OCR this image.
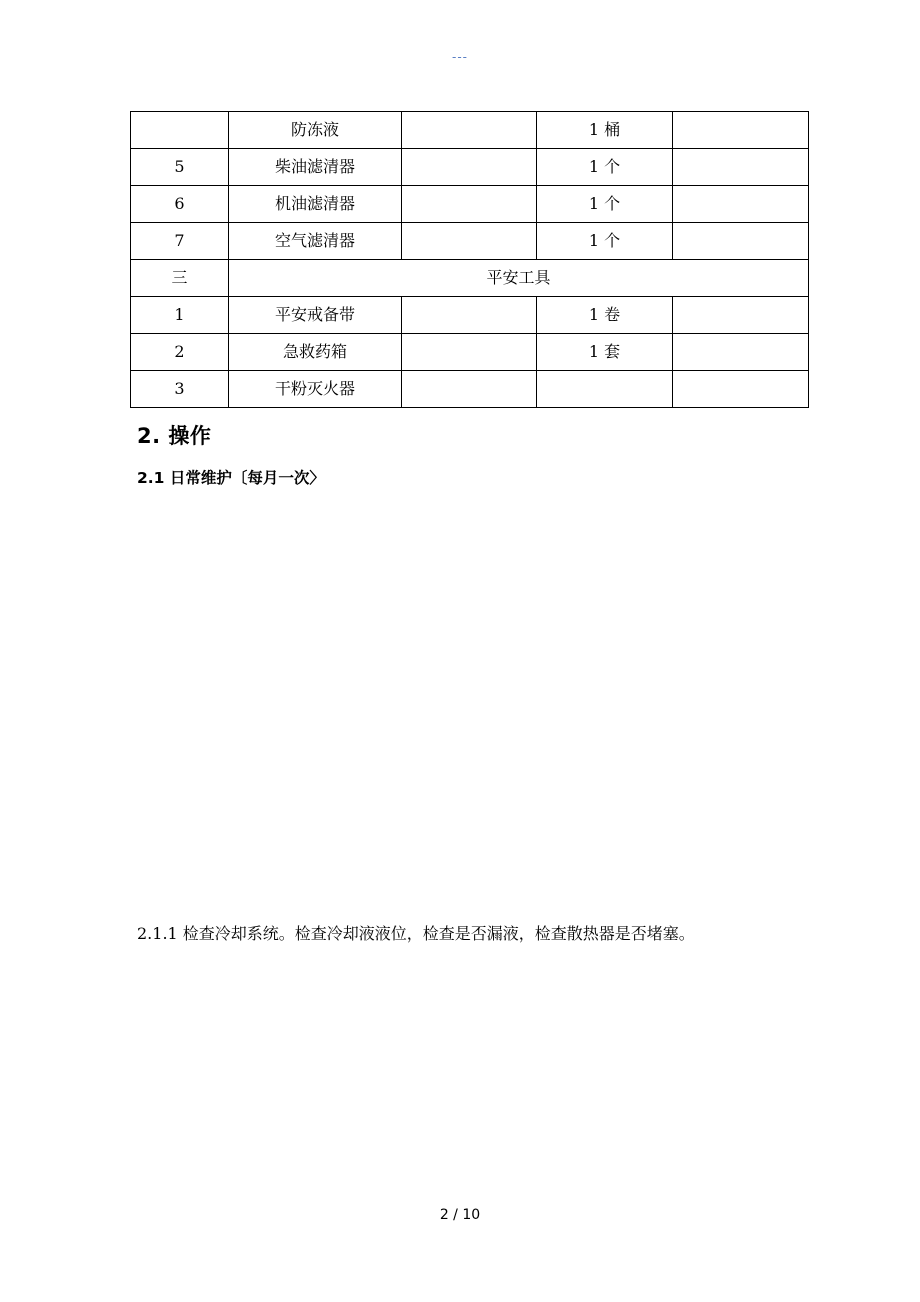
---
	防冻液		1 桶	
5	柴油滤清器		1 个	
6	机油滤清器		1 个	
7	空气滤清器		1 个	
三	平安工具			
1	平安戒备带		1 卷	
2	急救药箱		1 套	
3	干粉灭火器			
2. 操作
2.1 日常维护〔每月一次〉
2.1.1 检查冷却系统。检查冷却液液位，检查是否漏液，检查散热器是否堵塞。
2 / 10
